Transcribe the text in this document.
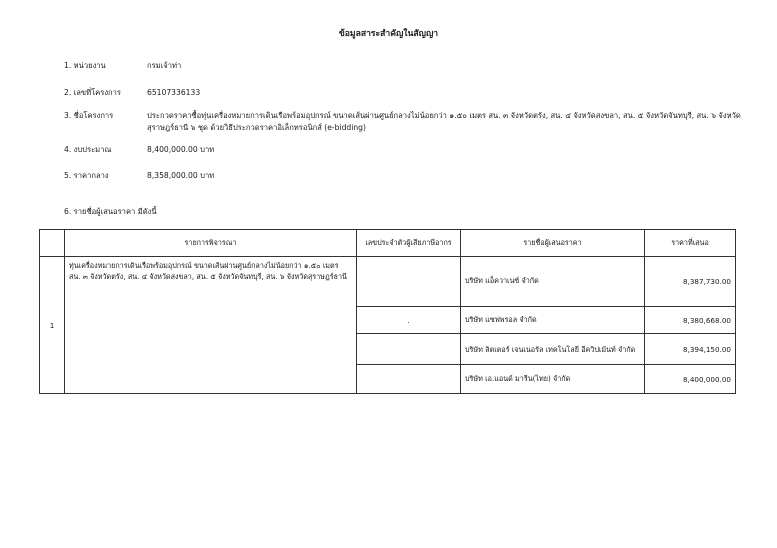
ข้อมูลสาระสำคัญในสัญญา
1. หน่วยงาน	กรมเจ้าท่า
2. เลขที่โครงการ	65107336133
3. ชื่อโครงการ	ประกวดราคาซื้อทุ่นเครื่องหมายการเดินเรือพร้อมอุปกรณ์ ขนาดเส้นผ่านศูนย์กลางไม่น้อยกว่า ๑.๕๐ เมตร สน. ๓ จังหวัดตรัง, สน. ๔ จังหวัดสงขลา, สน. ๕ จังหวัดจันทบุรี, สน. ๖ จังหวัดสุราษฎร์ธานี ๖ ชุด ด้วยวิธีประกวดราคาอิเล็กทรอนิกส์ (e-bidding)
4. งบประมาณ	8,400,000.00 บาท
5. ราคากลาง	8,358,000.00 บาท
6. รายชื่อผู้เสนอราคา มีดังนี้
	รายการพิจารณา	เลขประจำตัวผู้เสียภาษีอากร	รายชื่อผู้เสนอราคา	ราคาที่เสนอ
1	ทุ่นเครื่องหมายการเดินเรือพร้อมอุปกรณ์ ขนาดเส้นผ่านศูนย์กลางไม่น้อยกว่า ๑.๕๐ เมตร สน. ๓ จังหวัดตรัง, สน. ๔ จังหวัดสงขลา, สน. ๕ จังหวัดจันทบุรี, สน. ๖ จังหวัดสุราษฎร์ธานี		บริษัท แอ็ควาเนซ์ จำกัด	8,387,730.00
		.	บริษัท แซฟพรอล จำกัด	8,380,668.00
			บริษัท ลิตเตอร์ เจนเนอรัล เทคโนโลยี อีควิปเม้นท์ จำกัด	8,394,150.00
			บริษัท เอ.แอนด์ มารีน(ไทย) จำกัด	8,400,000.00
